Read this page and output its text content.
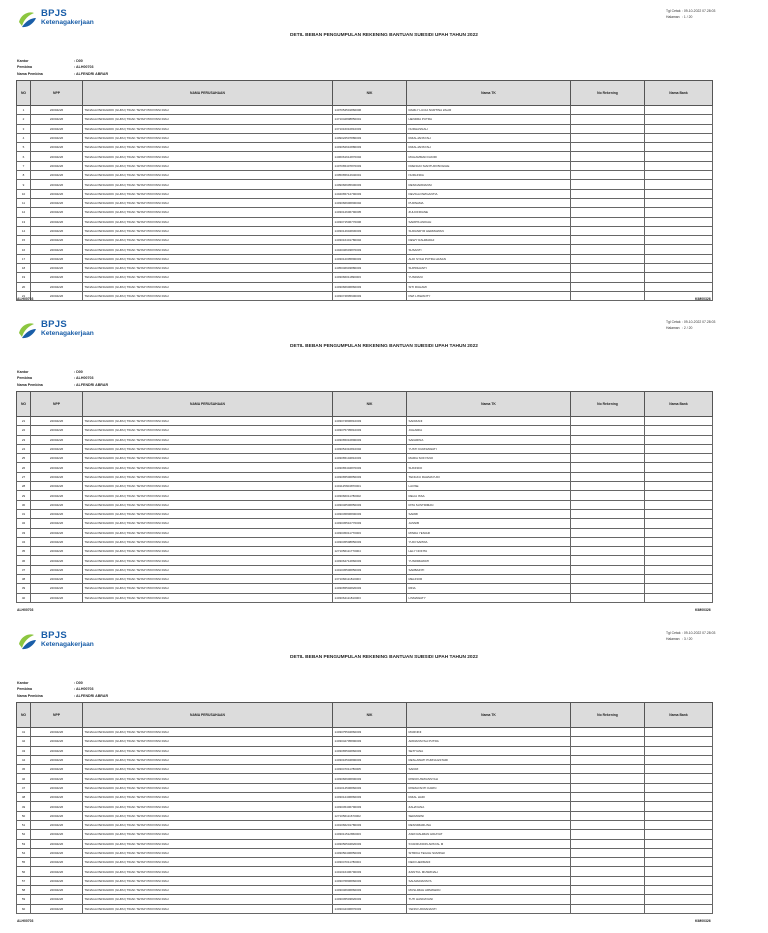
BPJS
Ketenagakerjaan
Tgl Cetak: 09-10-2022 07.28:03
Halaman : 1 / 20
DETIL BEBAN PENGUMPULAN REKENING BANTUAN SUBSIDI UPAH TAHUN 2022
Kantor	: D00
Pembina	: ALH00703
Nama Pembina	: ALFENDRI ABRAR
NO	NPP	NAMA PERUSAHAAN	NIK	Nama TK	No Rekening	Nama Bank
1	22004226	TENAGA PENGGIDIK (GURU) TIDAK TETAP PROVINSI RIAU	1407054501860006	RAMLY LUCIA NURTINA ZALIR		
2	22004226	TENAGA PENGGIDIK (GURU) TIDAK TETAP PROVINSI RIAU	1471042808850001	HENDRA PUTRA		
3	22004226	TENAGA PENGGIDIK (GURU) TIDAK TETAP PROVINSI RIAU	1371016010810003	NURHASNAH		
4	22004226	TENAGA PENGGIDIK (GURU) TIDAK TETAP PROVINSI RIAU	1409022507880003	RIZALJANSYAH		
5	22004226	TENAGA PENGGIDIK (GURU) TIDAK TETAP PROVINSI RIAU	1403052610880003	RIZALJANSYAH		
6	22004226	TENAGA PENGGIDIK (GURU) TIDAK TETAP PROVINSI RIAU	1406061612870002	MUHAMMAD FAKIRI		
7	22004226	TENAGA PENGGIDIK (GURU) TIDAK TETAP PROVINSI RIAU	1407065407870003	FRENGKI SIANTURI BOGGIE		
8	22004226	TENAGA PENGGIDIK (GURU) TIDAK TETAP PROVINSI RIAU	1305065612940001	NURLINDA		
9	22004226	TENAGA PENGGIDIK (GURU) TIDAK TETAP PROVINSI RIAU	1409066905900003	RESKIARDIANSI		
10	22004226	TENAGA PENGGIDIK (GURU) TIDAK TETAP PROVINSI RIAU	1404065712790003	DEVIGA DWIGANTIA		
11	22004226	TENAGA PENGGIDIK (GURU) TIDAK TETAP PROVINSI RIAU	1403066906800002	PURNAMA		
12	22004226	TENAGA PENGGIDIK (GURU) TIDAK TETAP PROVINSI RIAU	1403012606790005	ZULKIFRIANE		
13	22004226	TENAGA PENGGIDIK (GURU) TIDAK TETAP PROVINSI RIAU	1403071506770006	SARPIS ANIKAH		
14	22004226	TENAGA PENGGIDIK (GURU) TIDAK TETAP PROVINSI RIAU	1403014904830003	SURANDYR HERMAWAN		
15	22004226	TENAGA PENGGIDIK (GURU) TIDAK TETAP PROVINSI RIAU	1403016401780002	DEWY RAHMADHI		
16	22004226	TENAGA PENGGIDIK (GURU) TIDAK TETAP PROVINSI RIAU	1404046603870003	SUSANTI		
17	22004226	TENAGA PENGGIDIK (GURU) TIDAK TETAP PROVINSI RIAU	1403012005890003	ALDI SYAH PUTRA HASAN		
18	22004226	TENAGA PENGGIDIK (GURU) TIDAK TETAP PROVINSI RIAU	1405046903880003	SUPRIHANTI		
19	22004226	TENAGA PENGGIDIK (GURU) TIDAK TETAP PROVINSI RIAU	1403066011890003	YUSRIANI		
20	22004226	TENAGA PENGGIDIK (GURU) TIDAK TETAP PROVINSI RIAU	1403066906860003	SITI RUHAMI		
21	22004226	TENAGA PENGGIDIK (GURU) TIDAK TETAP PROVINSI RIAU	1403074805900003	DWI LISWANTY		
ALH00703	KIM00326
BPJS
Ketenagakerjaan
Tgl Cetak: 09-10-2022 07.28:03
Halaman : 2 / 20
DETIL BEBAN PENGUMPULAN REKENING BANTUAN SUBSIDI UPAH TAHUN 2022
Kantor	: D00
Pembina	: ALH00703
Nama Pembina	: ALFENDRI ABRAR
NO	NPP	NAMA PERUSAHAAN	NIK	Nama TK	No Rekening	Nama Bank
21	22004226	TENAGA PENGGIDIK (GURU) TIDAK TETAP PROVINSI RIAU	1403074806810003	SAFRIANI		
22	22004226	TENAGA PENGGIDIK (GURU) TIDAK TETAP PROVINSI RIAU	1403075705810003	JUHAIRIA		
23	22004226	TENAGA PENGGIDIK (GURU) TIDAK TETAP PROVINSI RIAU	1403065010890003	SAFARINA		
24	22004226	TENAGA PENGGIDIK (GURU) TIDAK TETAP PROVINSI RIAU	1403054310810002	YUSTI KURNIAWATI		
25	22004226	TENAGA PENGGIDIK (GURU) TIDAK TETAP PROVINSI RIAU	1403065104810003	MARIA SOFYANO		
26	22004226	TENAGA PENGGIDIK (GURU) TIDAK TETAP PROVINSI RIAU	1403065404870003	SUKINDO		
27	22004226	TENAGA PENGGIDIK (GURU) TIDAK TETAP PROVINSI RIAU	1403065506850003	TENGKU RAHMAYUDI		
28	22004226	TENAGA PENGGIDIK (GURU) TIDAK TETAP PROVINSI RIAU	1401125604870001	LAOSE		
29	22004226	TENAGA PENGGIDIK (GURU) TIDAK TETAP PROVINSI RIAU	1403066011780002	RELIA ISSA		
30	22004226	TENAGA PENGGIDIK (GURU) TIDAK TETAP PROVINSI RIAU	1403046506850003	RITA SUSTIRMAN		
31	22004226	TENAGA PENGGIDIK (GURU) TIDAK TETAP PROVINSI RIAU	1403045806800003	SARMI		
32	22004226	TENAGA PENGGIDIK (GURU) TIDAK TETAP PROVINSI RIAU	1403045510770003	JASNIB		
33	22004226	TENAGA PENGGIDIK (GURU) TIDAK TETAP PROVINSI RIAU	1403045011770003	MINDA YENIAR		
34	22004226	TENAGA PENGGIDIK (GURU) TIDAK TETAP PROVINSI RIAU	1403045508850003	YUDI SAPRIA		
35	22004226	TENAGA PENGGIDIK (GURU) TIDAK TETAP PROVINSI RIAU	1271056111770004	LELY NOFITA		
36	22004226	TENAGA PENGGIDIK (GURU) TIDAK TETAP PROVINSI RIAU	1403064712860003	YUSRIMAWATI		
37	22004226	TENAGA PENGGIDIK (GURU) TIDAK TETAP PROVINSI RIAU	1401045506850003	SARBAINTI		
38	22004226	TENAGA PENGGIDIK (GURU) TIDAK TETAP PROVINSI RIAU	1371066111810003	MELINOR		
39	22004226	TENAGA PENGGIDIK (GURU) TIDAK TETAP PROVINSI RIAU	1403065502820003	RINA		
40	22004226	TENAGA PENGGIDIK (GURU) TIDAK TETAP PROVINSI RIAU	1403064111810003	LISMAWATY		
ALH00703	KIM00326
BPJS
Ketenagakerjaan
Tgl Cetak: 09-10-2022 07.28:03
Halaman : 3 / 20
DETIL BEBAN PENGUMPULAN REKENING BANTUAN SUBSIDI UPAH TAHUN 2022
Kantor	: D00
Pembina	: ALH00703
Nama Pembina	: ALFENDRI ABRAR
NO	NPP	NAMA PERUSAHAAN	NIK	Nama TK	No Rekening	Nama Bank
41	22004226	TENAGA PENGGIDIK (GURU) TIDAK TETAP PROVINSI RIAU	1403075504860003	MURNINI		
42	22004226	TENAGA PENGGIDIK (GURU) TIDAK TETAP PROVINSI RIAU	1403042705890003	ARDIANSYAH PUTRA		
43	22004226	TENAGA PENGGIDIK (GURU) TIDAK TETAP PROVINSI RIAU	1403065502860003	SETIYANA		
44	22004226	TENAGA PENGGIDIK (GURU) TIDAK TETAP PROVINSI RIAU	1403016504890003	RESLAWATI PURNA ESTARI		
45	22004226	TENAGA PENGGIDIK (GURU) TIDAK TETAP PROVINSI RIAU	1403047011780005	SAKIRI		
46	22004226	TENAGA PENGGIDIK (GURU) TIDAK TETAP PROVINSI RIAU	1403066906800003	RISKIKUSMIANSYAH		
47	22004226	TENAGA PENGGIDIK (GURU) TIDAK TETAP PROVINSI RIAU	1401014506860003	RISMAYANTI KARIN		
48	22004226	TENAGA PENGGIDIK (GURU) TIDAK TETAP PROVINSI RIAU	1403012406860003	RIZAL HADI		
49	22004226	TENAGA PENGGIDIK (GURU) TIDAK TETAP PROVINSI RIAU	1403045406790003	ZAHAYANA		
50	22004226	TENAGA PENGGIDIK (GURU) TIDAK TETAP PROVINSI RIAU	1271056111670002	SERIAWINI		
51	22004226	TENAGA PENGGIDIK (GURU) TIDAK TETAP PROVINSI RIAU	1401066201780003	RESNIMARLINA		
52	22004226	TENAGA PENGGIDIK (GURU) TIDAK TETAP PROVINSI RIAU	1403011512860003	ASRI RAHMAN HIDAYAT		
53	22004226	TENAGA PENGGIDIK (GURU) TIDAK TETAP PROVINSI RIAU	1403050504820003	SYAFRUDDIN ARSYAL M		
54	22004226	TENAGA PENGGIDIK (GURU) TIDAK TETAP PROVINSI RIAU	1403050406850003	SITRIKA TEGUH SUMINHI		
55	22004226	TENAGA PENGGIDIK (GURU) TIDAK TETAP PROVINSI RIAU	1403047011780004	DEDI HERMADI		
56	22004226	TENAGA PENGGIDIK (GURU) TIDAK TETAP PROVINSI RIAU	1401016406790003	ZAINTUL MUSRINAH		
57	22004226	TENAGA PENGGIDIK (GURU) TIDAK TETAP PROVINSI RIAU	1403076806860003	SALMADIANSYA		
58	22004226	TENAGA PENGGIDIK (GURU) TIDAK TETAP PROVINSI RIAU	1403046906860003	MUSLIMAH ARMAWAN		
59	22004226	TENAGA PENGGIDIK (GURU) TIDAK TETAP PROVINSI RIAU	1403045503820003	TUTI HANDAYANI		
60	22004226	TENAGA PENGGIDIK (GURU) TIDAK TETAP PROVINSI RIAU	1403044306870003	YENNI UFRIANANTI		
ALH00703	KIM00326
